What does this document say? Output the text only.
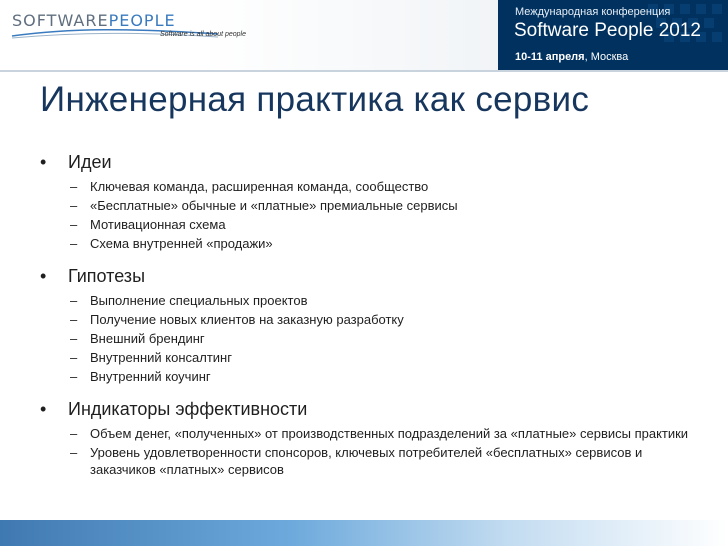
SOFTWAREPEOPLE
Software is all about people
Международная конференция
Software People 2012
10-11 апреля, Москва
Инженерная практика как сервис
•	Идеи
– Ключевая команда, расширенная команда, сообщество
– «Бесплатные» обычные и «платные» премиальные сервисы
– Мотивационная схема
– Схема внутренней «продажи»
•	Гипотезы
– Выполнение специальных проектов
– Получение новых клиентов на заказную разработку
– Внешний брендинг
– Внутренний консалтинг
– Внутренний коучинг
•	Индикаторы эффективности
– Объем денег, «полученных» от производственных подразделений за «платные» сервисы практики
– Уровень удовлетворенности спонсоров, ключевых потребителей «бесплатных» сервисов и заказчиков «платных» сервисов
